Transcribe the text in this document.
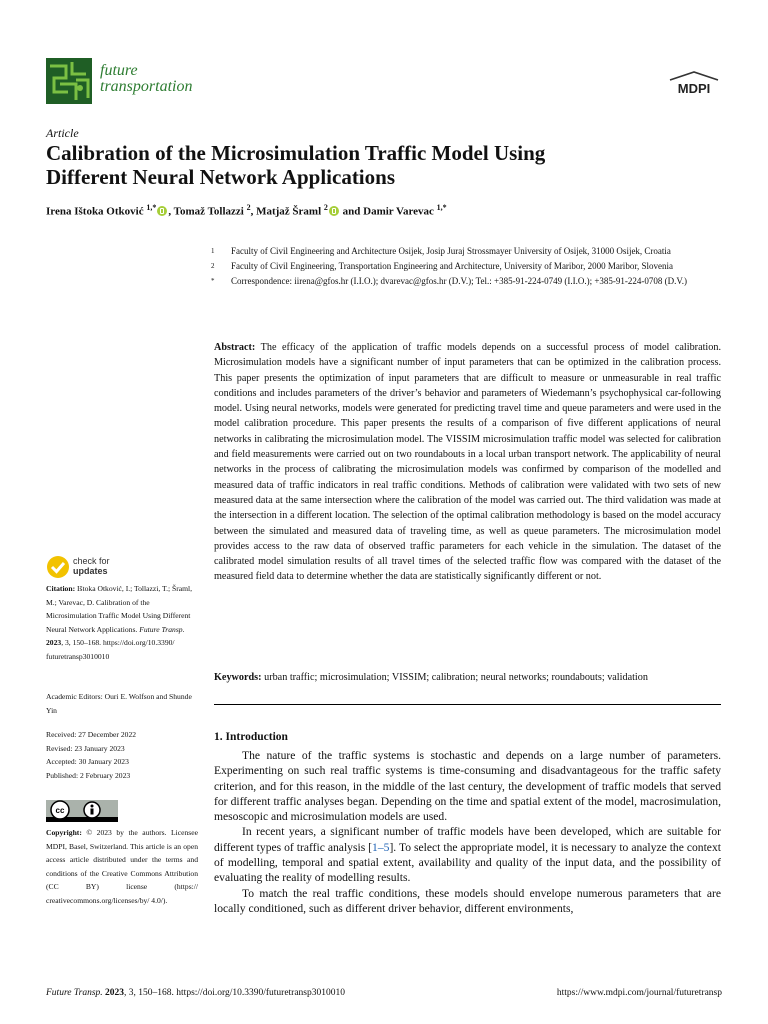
future
transportation	MDPI
Article
Calibration of the Microsimulation Traffic Model Using
Different Neural Network Applications
Irena Ištoka Otković $^{1,*}$ , Tomaž Tollazzi $^2$, Matjaž Šraml $^2$ and Damir Varevac $^{1,*}$
1	Faculty of Civil Engineering and Architecture Osijek, Josip Juraj Strossmayer University of Osijek, 31000 Osijek, Croatia
2	Faculty of Civil Engineering, Transportation Engineering and Architecture, University of Maribor, 2000 Maribor, Slovenia
*	Correspondence: iirena@gfos.hr (I.I.O.); dvarevac@gfos.hr (D.V.); Tel.: +385-91-224-0749 (I.I.O.); +385-91-224-0708 (D.V.)
Abstract: The efficacy of the application of traffic models depends on a successful process of model calibration. Microsimulation models have a significant number of input parameters that can be optimized in the calibration process. This paper presents the optimization of input parameters that are difficult to measure or unmeasurable in real traffic conditions and includes parameters of the driver’s behavior and parameters of Wiedemann’s psychophysical car-following model. Using neural networks, models were generated for predicting travel time and queue parameters and were used in the model calibration procedure. This paper presents the results of a comparison of five different applications of neural networks in calibrating the microsimulation model. The VISSIM microsimulation traffic model was selected for calibration and field measurements were carried out on two roundabouts in a local urban transport network. The applicability of neural networks in the process of calibrating the microsimulation models was confirmed by comparison of the modelled and measured data of traffic indicators in real traffic conditions. Methods of calibration were validated with two sets of new measured data at the same intersection where the calibration of the model was carried out. The third validation was made at the intersection in a different location. The selection of the optimal calibration methodology is based on the model accuracy between the simulated and measured data of traveling time, as well as queue parameters. The microsimulation model provides access to the raw data of observed traffic parameters for each vehicle in the simulation. The dataset of the calibrated model simulation results of all travel times of the selected traffic flow was compared with the dataset of the measured field data to determine whether the data are statistically significantly different or not.
Keywords: urban traffic; microsimulation; VISSIM; calibration; neural networks; roundabouts; validation
1. Introduction

The nature of the traffic systems is stochastic and depends on a large number of parameters. Experimenting on such real traffic systems is time-consuming and disadvantageous for the traffic safety criterion, and for this reason, in the middle of the last century, the development of traffic models that served for different traffic analyses began. Depending on the time and spatial extent of the model, macrosimulation, mesoscopic and microsimulation models are used.

In recent years, a significant number of traffic models have been developed, which are suitable for different types of traffic analysis [1–5]. To select the appropriate model, it is necessary to analyze the context of modelling, temporal and spatial extent, availability and quality of the input data, and the possibility of evaluating the reality of modelling results.

To match the real traffic conditions, these models should envelope numerous parameters that are locally conditioned, such as different driver behavior, different environments,

check for
updates
Citation: Ištoka Otković, I.; Tollazzi, T.; Šraml, M.; Varevac, D. Calibration of the Microsimulation Traffic Model Using Different Neural Network Applications. Future Transp. 2023, 3, 150–168. https://doi.org/10.3390/ futuretransp3010010
Academic Editors: Ouri E. Wolfson and Shunde Yin
Received: 27 December 2022
Revised: 23 January 2023
Accepted: 30 January 2023
Published: 2 February 2023
cc
Copyright: © 2023 by the authors. Licensee MDPI, Basel, Switzerland. This article is an open access article distributed under the terms and conditions of the Creative Commons Attribution (CC BY) license (https:// creativecommons.org/licenses/by/ 4.0/).
Future Transp. 2023, 3, 150–168. https://doi.org/10.3390/futuretransp3010010	https://www.mdpi.com/journal/futuretransp
